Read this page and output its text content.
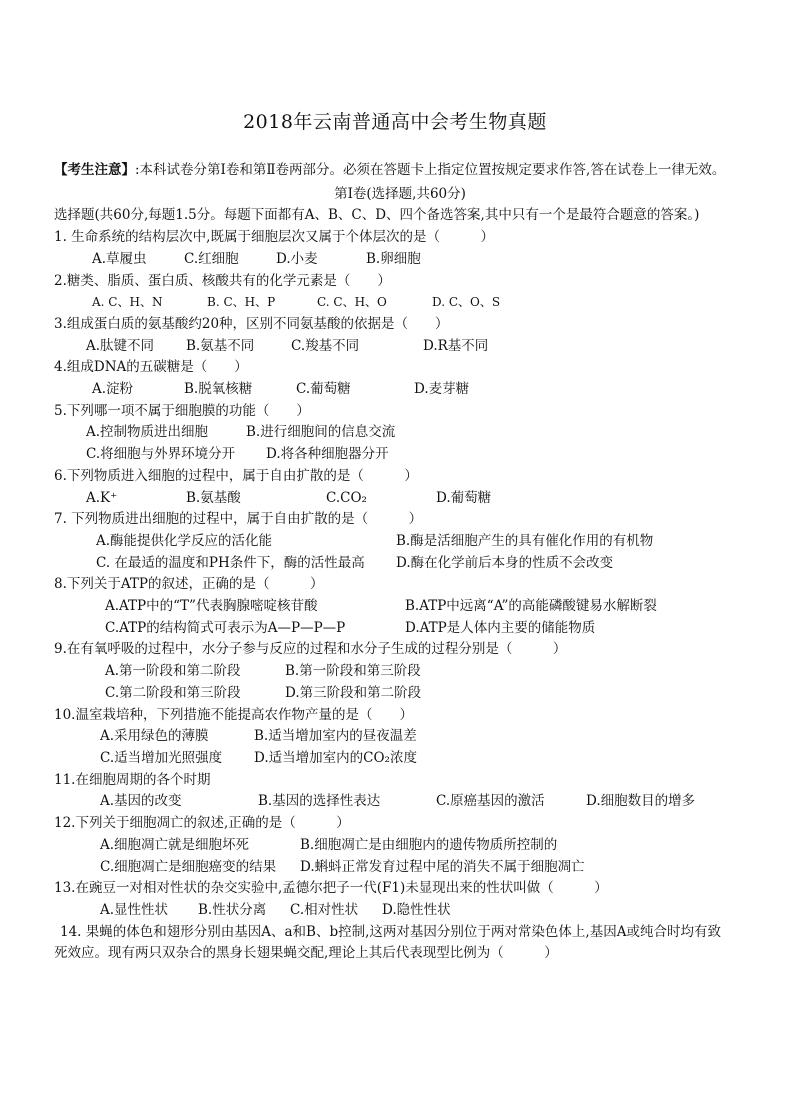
2018年云南普通高中会考生物真题
【考生注意】:本科试卷分第Ⅰ卷和第Ⅱ卷两部分。必须在答题卡上指定位置按规定要求作答,答在试卷上一律无效。
第Ⅰ卷(选择题,共60分)
选择题(共60分,每题1.5分。每题下面都有A、B、C、D、四个备选答案,其中只有一个是最符合题意的答案。)
1. 生命系统的结构层次中,既属于细胞层次又属于个体层次的是（　　　）
A.草履虫	C.红细胞	D.小麦	B.卵细胞
2.糖类、脂质、蛋白质、核酸共有的化学元素是（　　）
A. C、H、N	B. C、H、P	C. C、H、O	D. C、O、S
3.组成蛋白质的氨基酸约20种，区别不同氨基酸的依据是（　　）
A.肽键不同	B.氨基不同	C.羧基不同	D.R基不同
4.组成DNA的五碳糖是（　　）
A.淀粉	B.脱氧核糖	C.葡萄糖	D.麦芽糖
5.下列哪一项不属于细胞膜的功能（　　）
A.控制物质进出细胞	B.进行细胞间的信息交流
C.将细胞与外界环境分开	D.将各种细胞器分开
6.下列物质进入细胞的过程中，属于自由扩散的是（　　　）
A.K⁺	B.氨基酸	C.CO₂	D.葡萄糖
7. 下列物质进出细胞的过程中，属于自由扩散的是（　　　）
A.酶能提供化学反应的活化能	B.酶是活细胞产生的具有催化作用的有机物
C. 在最适的温度和PH条件下，酶的活性最高	D.酶在化学前后本身的性质不会改变
8.下列关于ATP的叙述，正确的是（　　　）
A.ATP中的“T”代表胸腺嘧啶核苷酸	B.ATP中远离“A”的高能磷酸键易水解断裂
C.ATP的结构简式可表示为A—P—P—P	D.ATP是人体内主要的储能物质
9.在有氧呼吸的过程中，水分子参与反应的过程和水分子生成的过程分别是（　　　）
A.第一阶段和第二阶段	B.第一阶段和第三阶段
C.第二阶段和第三阶段	D.第三阶段和第二阶段
10.温室栽培种，下列措施不能提高农作物产量的是（　　）
A.采用绿色的薄膜	B.适当增加室内的昼夜温差
C.适当增加光照强度	D.适当增加室内的CO₂浓度
11.在细胞周期的各个时期
A.基因的改变	B.基因的选择性表达	C.原癌基因的激活	D.细胞数目的增多
12.下列关于细胞凋亡的叙述,正确的是（　　　）
A.细胞凋亡就是细胞坏死	B.细胞凋亡是由细胞内的遗传物质所控制的
C.细胞凋亡是细胞癌变的结果	D.蝌蚪正常发育过程中尾的消失不属于细胞凋亡
13.在豌豆一对相对性状的杂交实验中,孟德尔把子一代(F1)未显现出来的性状叫做（　　　）
A.显性性状	B.性状分离	C.相对性状	D.隐性性状
14. 果蝇的体色和翅形分别由基因A、a和B、b控制,这两对基因分别位于两对常染色体上,基因A或纯合时均有致死效应。现有两只双杂合的黑身长翅果蝇交配,理论上其后代表现型比例为（　　　）
